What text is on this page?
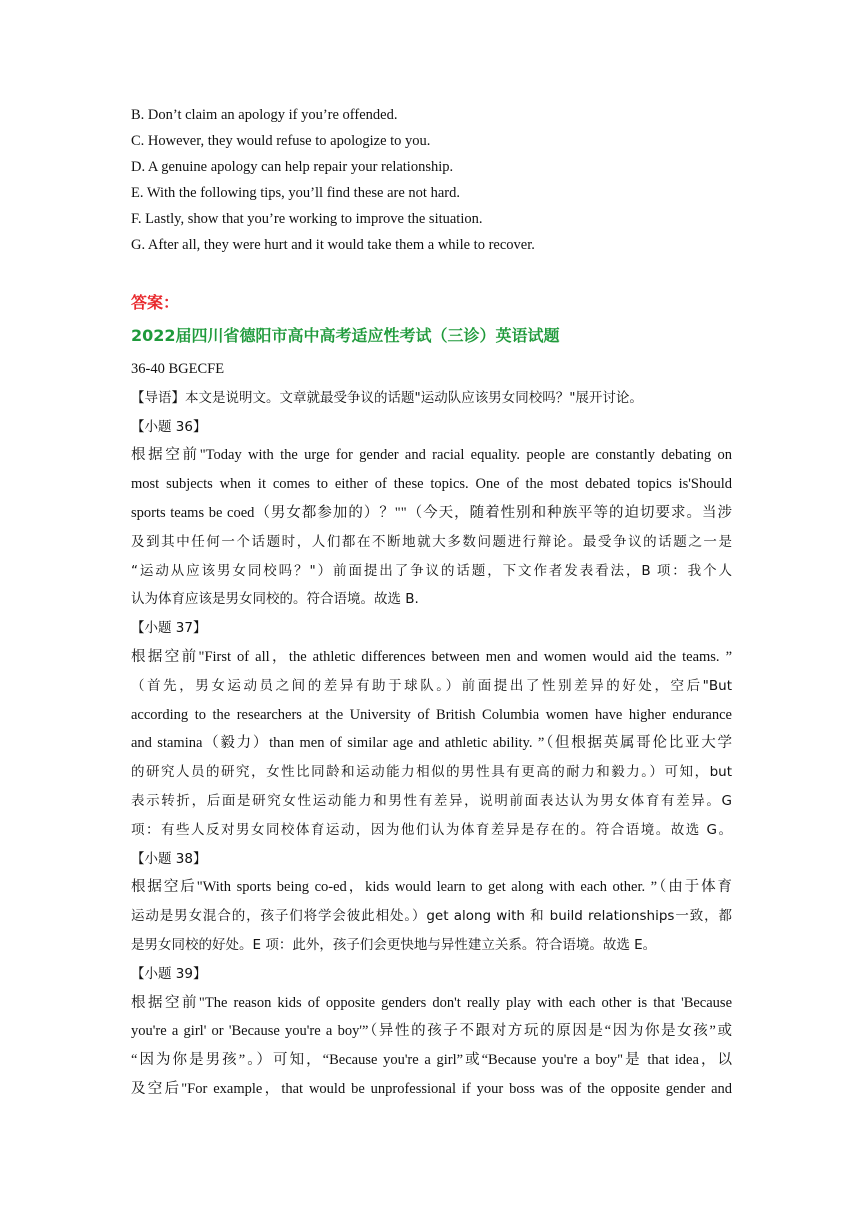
B. Don’t claim an apology if you’re offended.
C. However, they would refuse to apologize to you.
D. A genuine apology can help repair your relationship.
E. With the following tips, you’ll find these are not hard.
F. Lastly, show that you’re working to improve the situation.
G. After all, they were hurt and it would take them a while to recover.
答案：
2022届四川省德阳市高中高考适应性考试（三诊）英语试题
36-40 BGECFE
【导语】本文是说明文。文章就最受争议的话题"运动队应该男女同校吗？"展开讨论。
【小题 36】
根据空前"Today with the urge for gender and racial equality. people are constantly debating on
most subjects when it comes to either of these topics. One of the most debated topics is'Should
sports teams be coed（男女都参加的）？""（今天，随着性别和种族平等的迫切要求。当涉
及到其中任何一个话题时，人们都在不断地就大多数问题进行辩论。最受争议的话题之一是
“运动从应该男女同校吗？"）前面提出了争议的话题，下文作者发表看法，B 项：我个人
认为体育应该是男女同校的。符合语境。故选 B.
【小题 37】
根据空前"First of all，the athletic differences between men and women would aid the teams. ”
（首先，男女运动员之间的差异有助于球队。）前面提出了性别差异的好处，空后"But
according to the researchers at the University of British Columbia women have higher endurance
and stamina（毅力）than men of similar age and athletic ability. ”（但根据英属哥伦比亚大学
的研究人员的研究，女性比同龄和运动能力相似的男性具有更高的耐力和毅力。）可知，but
表示转折，后面是研究女性运动能力和男性有差异，说明前面表达认为男女体育有差异。G
项：有些人反对男女同校体育运动，因为他们认为体育差异是存在的。符合语境。故选 G。
【小题 38】
根据空后"With sports being co-ed，kids would learn to get along with each other. ”（由于体育
运动是男女混合的，孩子们将学会彼此相处。）get along with 和 build relationships一致，都
是男女同校的好处。E 项：此外，孩子们会更快地与异性建立关系。符合语境。故选 E。
【小题 39】
根据空前"The reason kids of opposite genders don't really play with each other is that 'Because
you're a girl' or 'Because you're a boy'”（异性的孩子不跟对方玩的原因是“因为你是女孩”或
“因为你是男孩”。）可知，“Because you're a girl”或“Because you're a boy"是 that idea，以
及空后"For example，that would be unprofessional if your boss was of the opposite gender and
